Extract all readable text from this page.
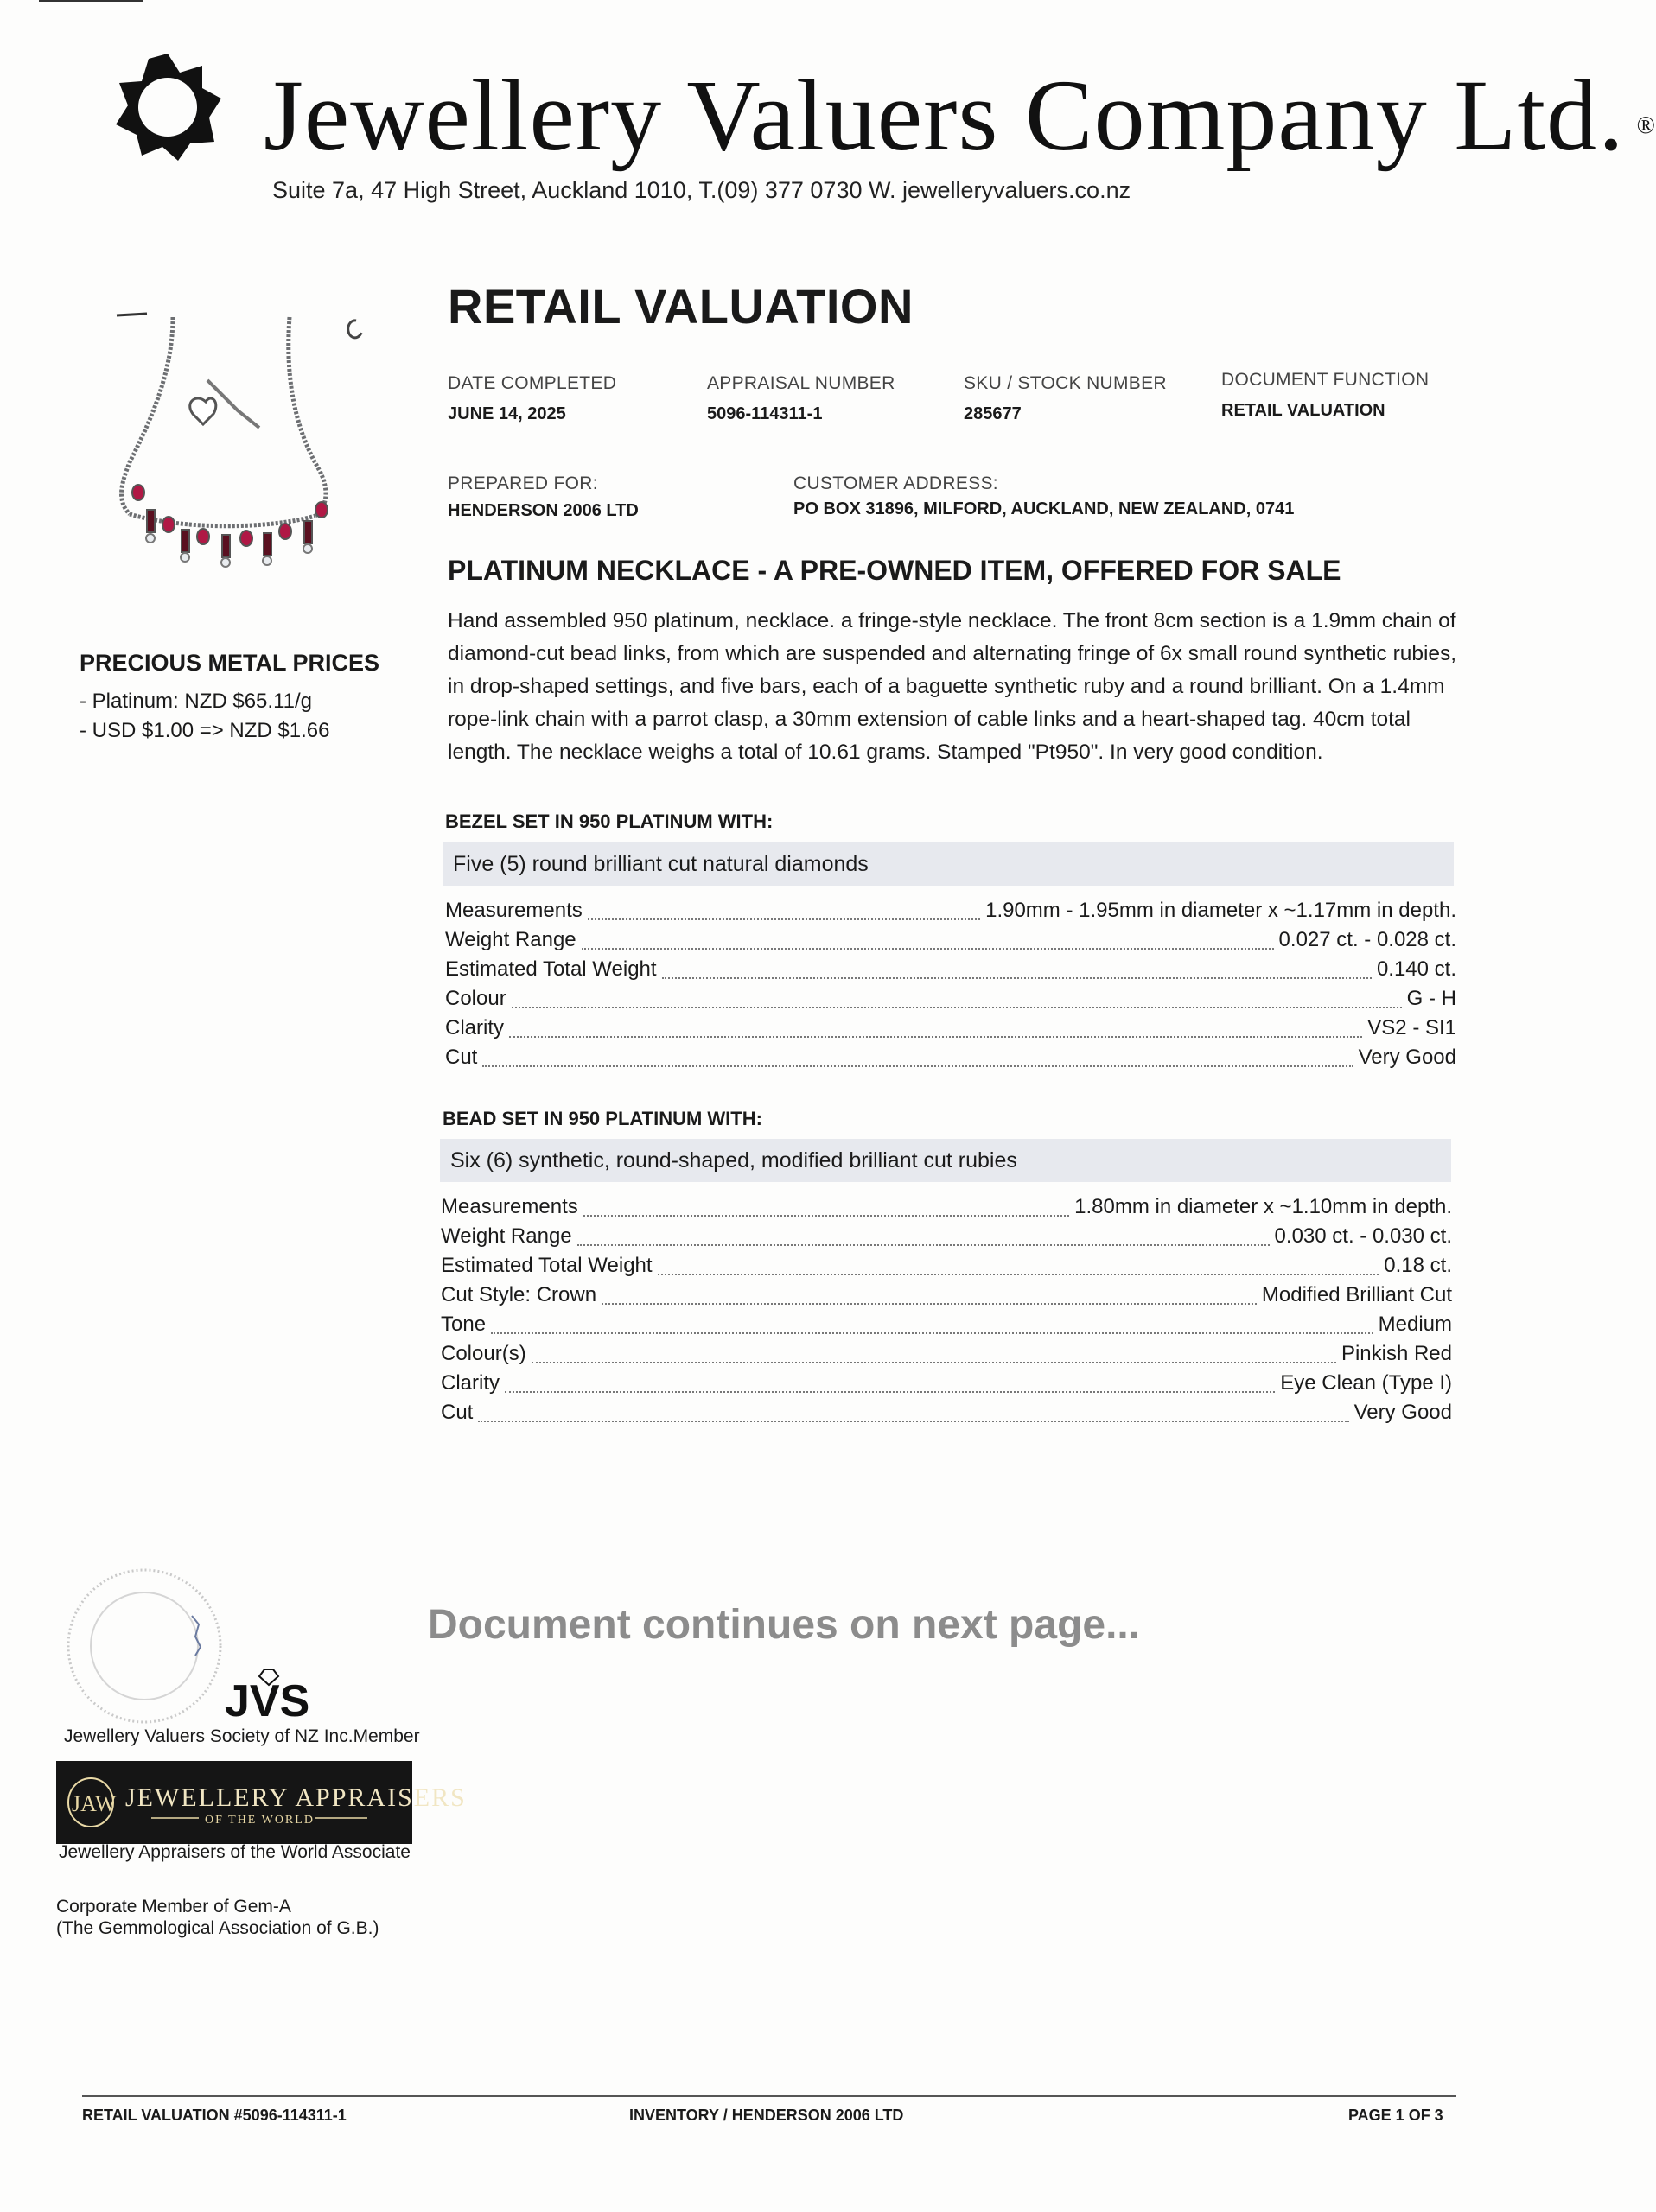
Jewellery Valuers Company Ltd. ®
Suite 7a, 47 High Street, Auckland 1010, T.(09) 377 0730 W. jewelleryvaluers.co.nz
PRECIOUS METAL PRICES
- Platinum: NZD $65.11/g
- USD $1.00 => NZD $1.66
RETAIL VALUATION
DATE COMPLETED
JUNE 14, 2025
APPRAISAL NUMBER
5096-114311-1
SKU / STOCK NUMBER
285677
DOCUMENT FUNCTION
RETAIL VALUATION
PREPARED FOR:
HENDERSON 2006 LTD
CUSTOMER ADDRESS:
PO BOX 31896, MILFORD, AUCKLAND, NEW ZEALAND, 0741
PLATINUM NECKLACE - A PRE-OWNED ITEM, OFFERED FOR SALE
Hand assembled 950 platinum, necklace. a fringe-style necklace. The front 8cm section is a 1.9mm chain of diamond-cut bead links, from which are suspended and alternating fringe of 6x small round synthetic rubies, in drop-shaped settings, and five bars, each of a baguette synthetic ruby and a round brilliant. On a 1.4mm rope-link chain with a parrot clasp, a 30mm extension of cable links and a heart-shaped tag. 40cm total length. The necklace weighs a total of 10.61 grams. Stamped "Pt950". In very good condition.
BEZEL SET IN 950 PLATINUM WITH:
Five (5) round brilliant cut natural diamonds
Measurements	1.90mm - 1.95mm in diameter x ~1.17mm in depth.
Weight Range	0.027 ct. - 0.028 ct.
Estimated Total Weight	0.140 ct.
Colour	G - H
Clarity	VS2 - SI1
Cut	Very Good
BEAD SET IN 950 PLATINUM WITH:
Six (6) synthetic, round-shaped, modified brilliant cut rubies
Measurements	1.80mm in diameter x ~1.10mm in depth.
Weight Range	0.030 ct. - 0.030 ct.
Estimated Total Weight	0.18 ct.
Cut Style: Crown	Modified Brilliant Cut
Tone	Medium
Colour(s)	Pinkish Red
Clarity	Eye Clean (Type I)
Cut	Very Good
Document continues on next page...
JVS
Jewellery Valuers Society of NZ Inc.Member
JAW JEWELLERY APPRAISERS
OF THE WORLD
Jewellery Appraisers of the World Associate
Corporate Member of Gem-A
(The Gemmological Association of G.B.)
RETAIL VALUATION #5096-114311-1	INVENTORY / HENDERSON 2006 LTD	PAGE 1 OF 3
